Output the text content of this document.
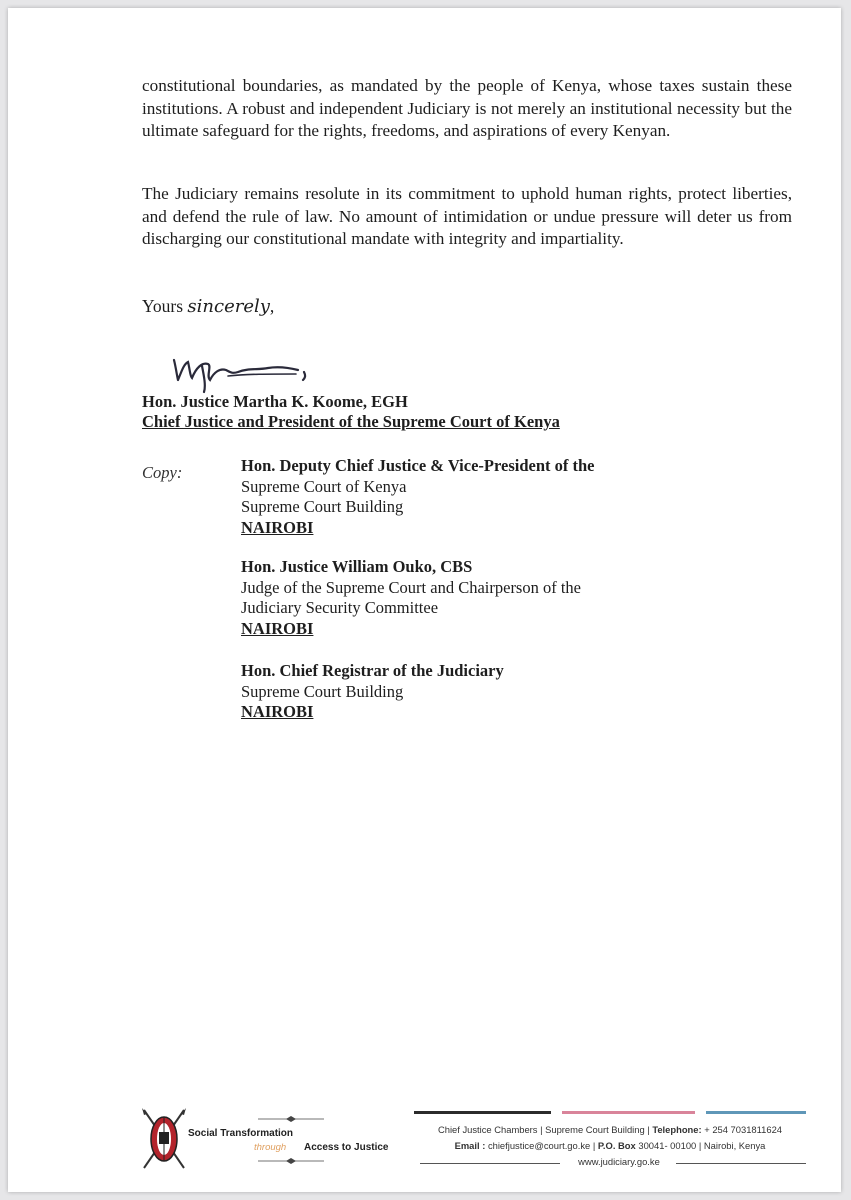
constitutional boundaries, as mandated by the people of Kenya, whose taxes sustain these institutions. A robust and independent Judiciary is not merely an institutional necessity but the ultimate safeguard for the rights, freedoms, and aspirations of every Kenyan.

The Judiciary remains resolute in its commitment to uphold human rights, protect liberties, and defend the rule of law. No amount of intimidation or undue pressure will deter us from discharging our constitutional mandate with integrity and impartiality.

Yours sincerely,
Hon. Justice Martha K. Koome, EGH
Chief Justice and President of the Supreme Court of Kenya
Copy:	Hon. Deputy Chief Justice & Vice-President of the
Supreme Court of Kenya
Supreme Court Building
NAIROBI
Hon. Justice William Ouko, CBS
Judge of the Supreme Court and Chairperson of the
Judiciary Security Committee
NAIROBI
Hon. Chief Registrar of the Judiciary
Supreme Court Building
NAIROBI
Social Transformation
through Access to Justice
Chief Justice Chambers | Supreme Court Building | Telephone: + 254 7031811624
Email : chiefjustice@court.go.ke | P.O. Box 30041- 00100 | Nairobi, Kenya
www.judiciary.go.ke
